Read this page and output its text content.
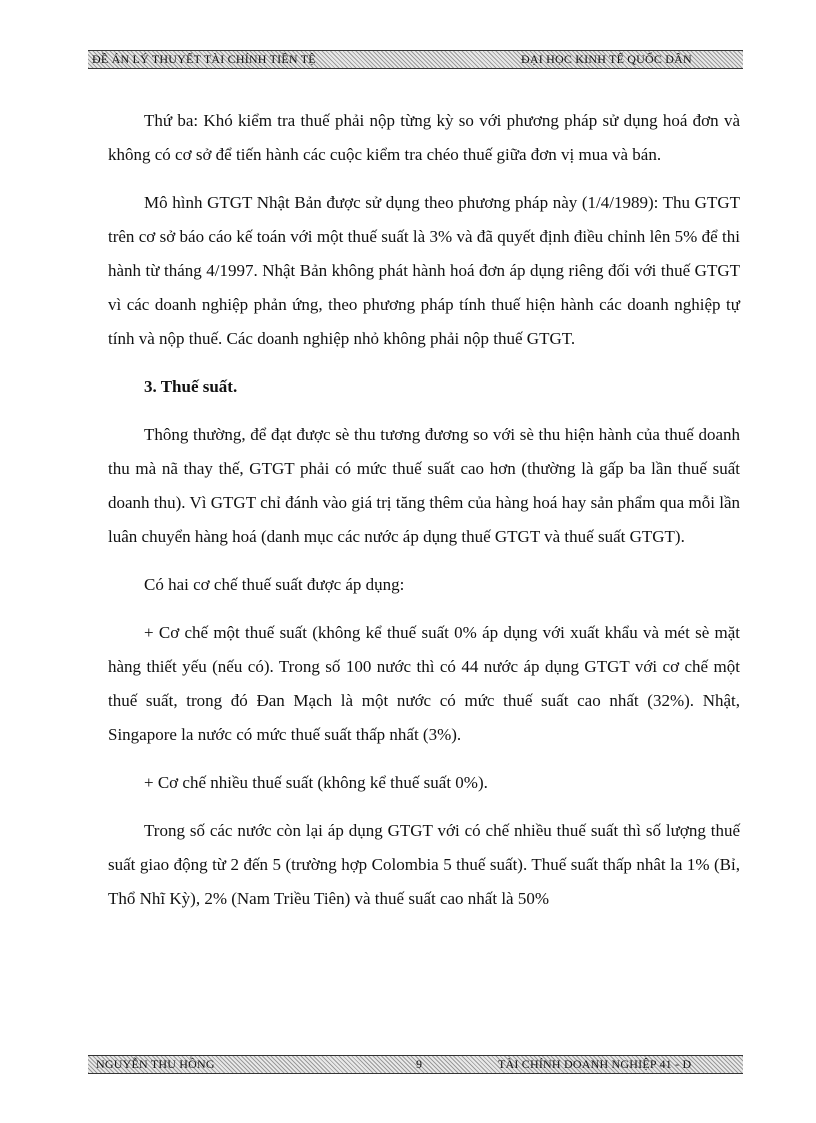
ĐỀ ÁN LÝ THUYẾT TÀI CHÍNH TIỀN TỆ	ĐẠI HỌC KINH TẾ QUỐC DÂN

Thứ ba: Khó kiểm tra thuế phải nộp từng kỳ so với phương pháp sử dụng hoá đơn và không có cơ sở để tiến hành các cuộc kiểm tra chéo thuế giữa đơn vị mua và bán.

Mô hình GTGT Nhật Bản được sử dụng theo phương pháp này (1/4/1989): Thu GTGT trên cơ sở báo cáo kế toán với một thuế suất là 3% và đã quyết định điều chỉnh lên 5% để thi hành từ tháng 4/1997. Nhật Bản không phát hành hoá đơn áp dụng riêng đối với thuế GTGT vì các doanh nghiệp phản ứng, theo phương pháp tính thuế hiện hành các doanh nghiệp tự tính và nộp thuế. Các doanh nghiệp nhỏ không phải nộp thuế GTGT.

3. Thuế suất.

Thông thường, để đạt được sè thu tương đương so với sè thu hiện hành của thuế doanh thu mà nã thay thế, GTGT phải có mức thuế suất cao hơn (thường là gấp ba lần thuế suất doanh thu). Vì GTGT chỉ đánh vào giá trị tăng thêm của hàng hoá hay sản phẩm qua mỗi lần luân chuyển hàng hoá (danh mục các nước áp dụng thuế GTGT và thuế suất GTGT).

Có hai cơ chế thuế suất được áp dụng:

+ Cơ chế một thuế suất (không kể thuế suất 0% áp dụng với xuất khẩu và mét sè mặt hàng thiết yếu (nếu có). Trong số 100 nước thì có 44 nước áp dụng GTGT với cơ chế một thuế suất, trong đó Đan Mạch là một nước có mức thuế suất cao nhất (32%). Nhật, Singapore la nước có mức thuế suất thấp nhất (3%).

+ Cơ chế nhiều thuế suất (không kể thuế suất 0%).

Trong số các nước còn lại áp dụng GTGT với có chế nhiều thuế suất thì số lượng thuế suất giao động từ 2 đến 5 (trường hợp Colombia 5 thuế suất). Thuế suất thấp nhât la 1% (Bỉ, Thổ Nhĩ Kỳ), 2% (Nam Triều Tiên) và thuế suất cao nhất là 50%

NGUYỄN THU HỒNG	9	TÀI CHÍNH DOANH NGHIỆP 41 - D
